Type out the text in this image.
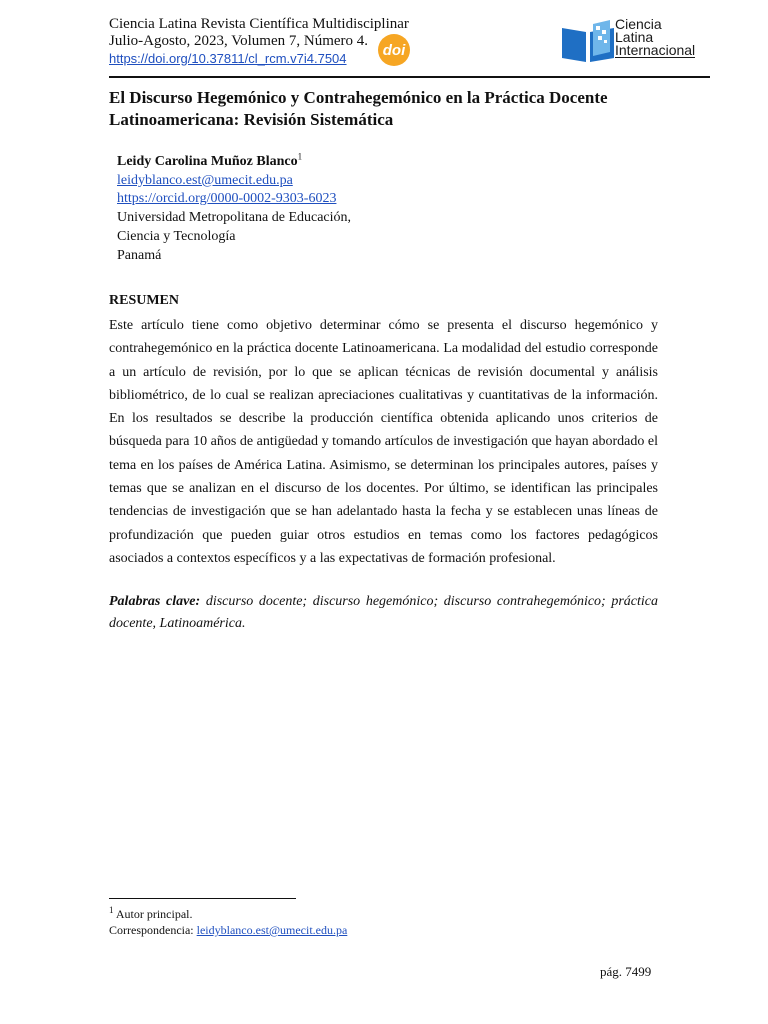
Ciencia Latina Revista Científica Multidisciplinar
Julio-Agosto, 2023, Volumen 7, Número 4.
https://doi.org/10.37811/cl_rcm.v7i4.7504	doi
Ciencia
Latina
Internacional
El Discurso Hegemónico y Contrahegemónico en la Práctica Docente Latinoamericana: Revisión Sistemática
Leidy Carolina Muñoz Blanco$^1$
leidyblanco.est@umecit.edu.pa
https://orcid.org/0000-0002-9303-6023
Universidad Metropolitana de Educación,
Ciencia y Tecnología
Panamá
RESUMEN
Este artículo tiene como objetivo determinar cómo se presenta el discurso hegemónico y contrahegemónico en la práctica docente Latinoamericana. La modalidad del estudio corresponde a un artículo de revisión, por lo que se aplican técnicas de revisión documental y análisis bibliométrico, de lo cual se realizan apreciaciones cualitativas y cuantitativas de la información. En los resultados se describe la producción científica obtenida aplicando unos criterios de búsqueda para 10 años de antigüedad y tomando artículos de investigación que hayan abordado el tema en los países de América Latina. Asimismo, se determinan los principales autores, países y temas que se analizan en el discurso de los docentes. Por último, se identifican las principales tendencias de investigación que se han adelantado hasta la fecha y se establecen unas líneas de profundización que pueden guiar otros estudios en temas como los factores pedagógicos asociados a contextos específicos y a las expectativas de formación profesional.
Palabras clave: discurso docente; discurso hegemónico; discurso contrahegemónico; práctica docente, Latinoamérica.
$^1$ Autor principal.
Correspondencia: leidyblanco.est@umecit.edu.pa
pág. 7499
